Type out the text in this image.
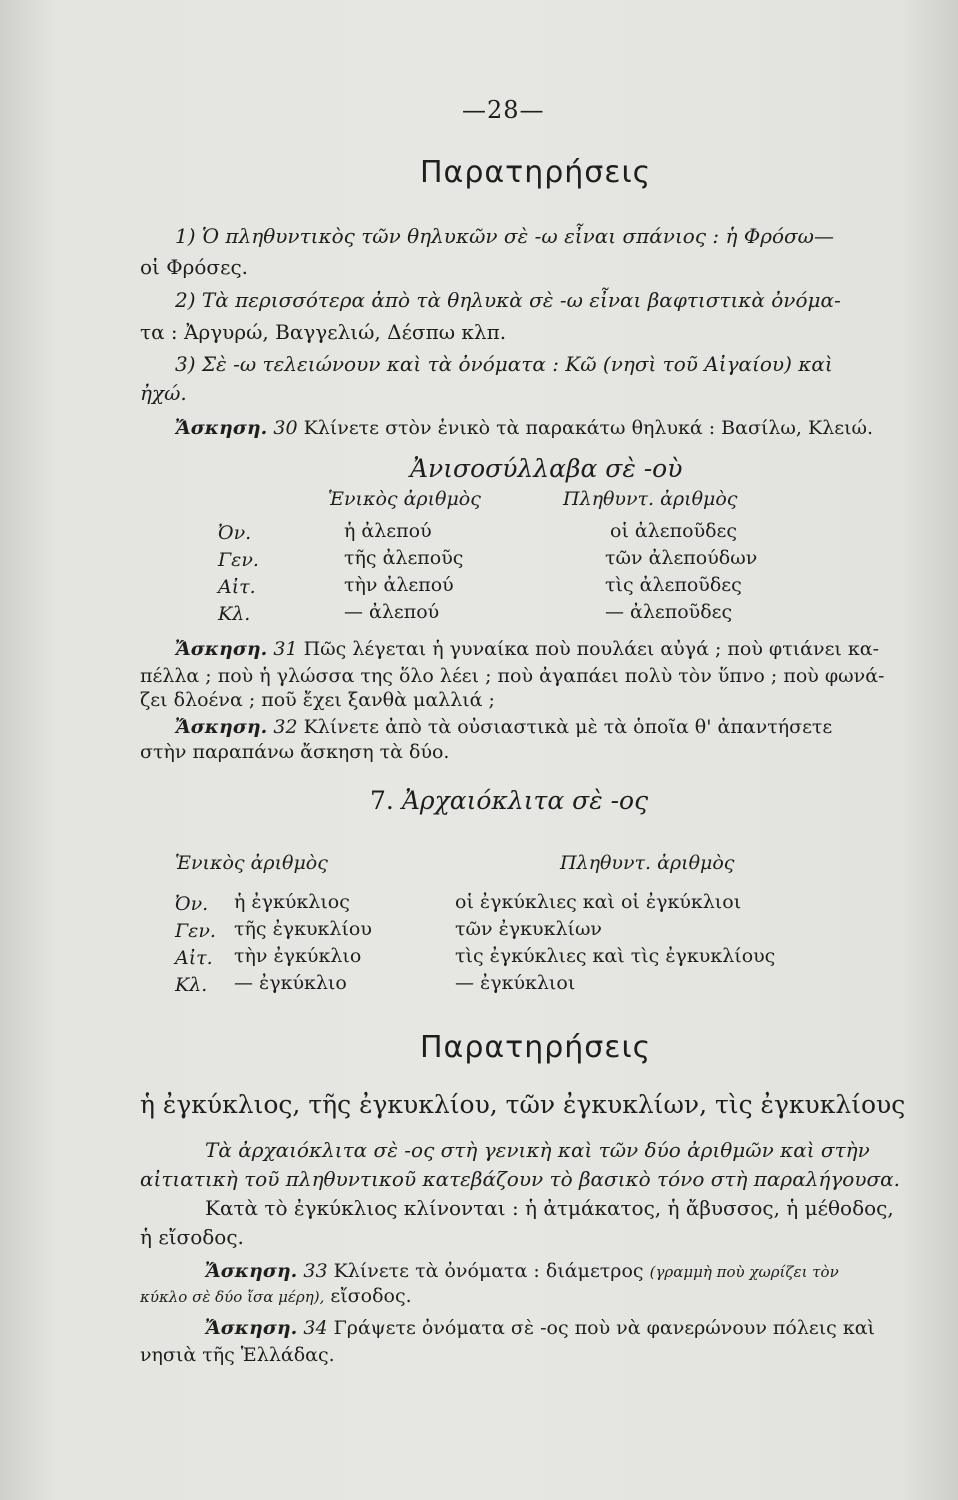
—28—
Παρατηρήσεις
1) Ὁ πληθυντικὸς τῶν θηλυκῶν σὲ -ω εἶναι σπάνιος : ἡ Φρόσω—
οἱ Φρόσες.
2) Τὰ περισσότερα ἀπὸ τὰ θηλυκὰ σὲ -ω εἶναι βαφτιστικὰ ὀνόμα-
τα : Ἀργυρώ, Βαγγελιώ, Δέσπω κλπ.
3) Σὲ -ω τελειώνουν καὶ τὰ ὀνόματα : Κῶ (νησὶ τοῦ Αἰγαίου) καὶ
ἠχώ.
Ἄσκηση. 30 Κλίνετε στὸν ἑνικὸ τὰ παρακάτω θηλυκά : Βασίλω, Κλειώ.
Ἀνισοσύλλαβα σὲ -οὺ
Ἑνικὸς ἀριθμὸς	Πληθυντ. ἀριθμὸς
Ὀν.	ἡ ἀλεπού	οἱ ἀλεποῦδες
Γεν.	τῆς ἀλεποῦς	τῶν ἀλεπούδων
Αἰτ.	τὴν ἀλεπού	τὶς ἀλεποῦδες
Κλ.	— ἀλεπού	— ἀλεποῦδες
Ἄσκηση. 31 Πῶς λέγεται ἡ γυναίκα ποὺ πουλάει αὐγά ; ποὺ φτιάνει κα-
πέλλα ; ποὺ ἡ γλώσσα της ὅλο λέει ; ποὺ ἀγαπάει πολὺ τὸν ὕπνο ; ποὺ φωνά-
ζει δλοένα ; ποῦ ἔχει ξανθὰ μαλλιά ;
Ἄσκηση. 32 Κλίνετε ἀπὸ τὰ οὐσιαστικὰ μὲ τὰ ὁποῖα θ' ἀπαντήσετε
στὴν παραπάνω ἄσκηση τὰ δύο.
7. Ἀρχαιόκλιτα σὲ -ος
Ἑνικὸς ἀριθμὸς	Πληθυντ. ἀριθμὸς
Ὀν. ἡ ἐγκύκλιος	οἱ ἐγκύκλιες καὶ οἱ ἐγκύκλιοι
Γεν. τῆς ἐγκυκλίου	τῶν ἐγκυκλίων
Αἰτ. τὴν ἐγκύκλιο	τὶς ἐγκύκλιες καὶ τὶς ἐγκυκλίους
Κλ. — ἐγκύκλιο	— ἐγκύκλιοι
Παρατηρήσεις
ἡ ἐγκύκλιος, τῆς ἐγκυκλίου, τῶν ἐγκυκλίων, τὶς ἐγκυκλίους
Τὰ ἀρχαιόκλιτα σὲ -ος στὴ γενικὴ καὶ τῶν δύο ἀριθμῶν καὶ στὴν
αἰτιατικὴ τοῦ πληθυντικοῦ κατεβάζουν τὸ βασικὸ τόνο στὴ παραλήγουσα.
Κατὰ τὸ ἐγκύκλιος κλίνονται : ἡ ἀτμάκατος, ἡ ἄβυσσος, ἡ μέθοδος,
ἡ εἴσοδος.
Ἄσκηση. 33 Κλίνετε τὰ ὀνόματα : διάμετρος (γραμμὴ ποὺ χωρίζει τὸν
κύκλο σὲ δύο ἴσα μέρη), εἴσοδος.
Ἄσκηση. 34 Γράψετε ὀνόματα σὲ -ος ποὺ νὰ φανερώνουν πόλεις καὶ
νησιὰ τῆς Ἑλλάδας.
